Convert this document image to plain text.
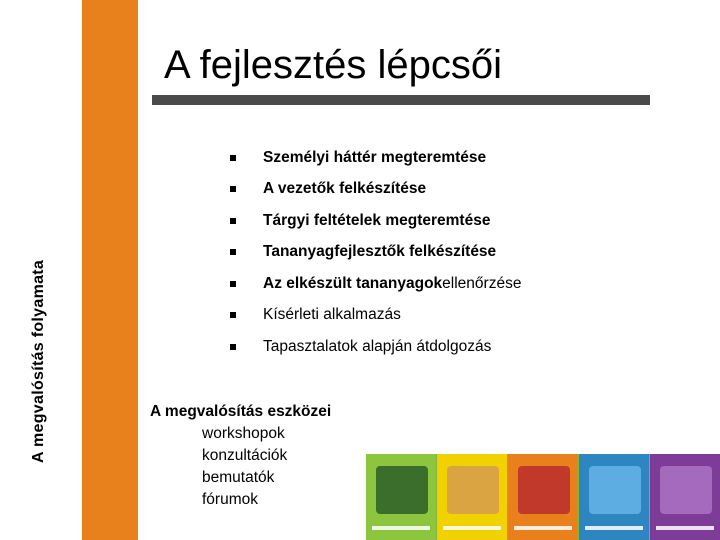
A megvalósítás folyamata
A fejlesztés lépcsői
Személyi háttér megteremtése
A vezetők felkészítése
Tárgyi feltételek megteremtése
Tananyagfejlesztők felkészítése
Az elkészült tananyagok ellenőrzése
Kísérleti alkalmazás
Tapasztalatok alapján átdolgozás
A megvalósítás eszközei
workshopok
konzultációk
bemutatók
fórumok
